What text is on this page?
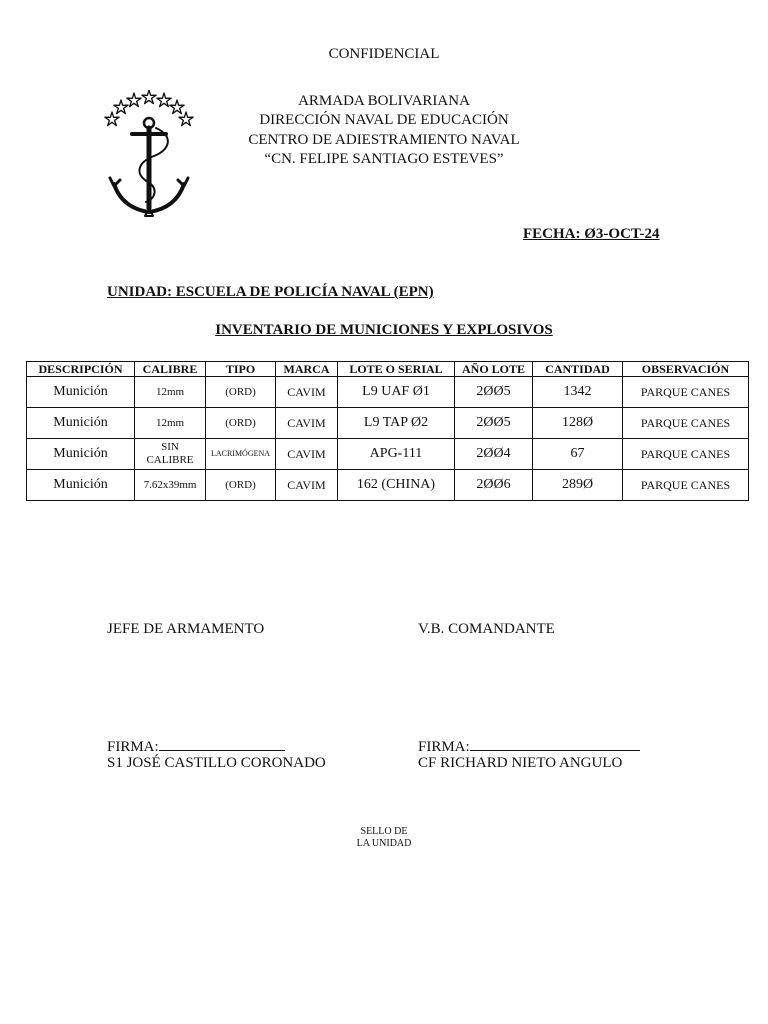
CONFIDENCIAL
ARMADA BOLIVARIANA
DIRECCIÓN NAVAL DE EDUCACIÓN
CENTRO DE ADIESTRAMIENTO NAVAL
“CN. FELIPE SANTIAGO ESTEVES”
FECHA: Ø3-OCT-24
UNIDAD: ESCUELA DE POLICÍA NAVAL (EPN)
INVENTARIO DE MUNICIONES Y EXPLOSIVOS
DESCRIPCIÓN	CALIBRE	TIPO	MARCA	LOTE O SERIAL	AÑO LOTE	CANTIDAD	OBSERVACIÓN
Munición	12mm	(ORD)	CAVIM	L9 UAF Ø1	2ØØ5	1342	PARQUE CANES
Munición	12mm	(ORD)	CAVIM	L9 TAP Ø2	2ØØ5	128Ø	PARQUE CANES
Munición	SIN CALIBRE	LACRIMÓGENA	CAVIM	APG-111	2ØØ4	67	PARQUE CANES
Munición	7.62x39mm	(ORD)	CAVIM	162 (CHINA)	2ØØ6	289Ø	PARQUE CANES
JEFE DE ARMAMENTO	V.B. COMANDANTE
FIRMA:	FIRMA:
S1 JOSÉ CASTILLO CORONADO	CF RICHARD NIETO ANGULO
SELLO DE
LA UNIDAD
